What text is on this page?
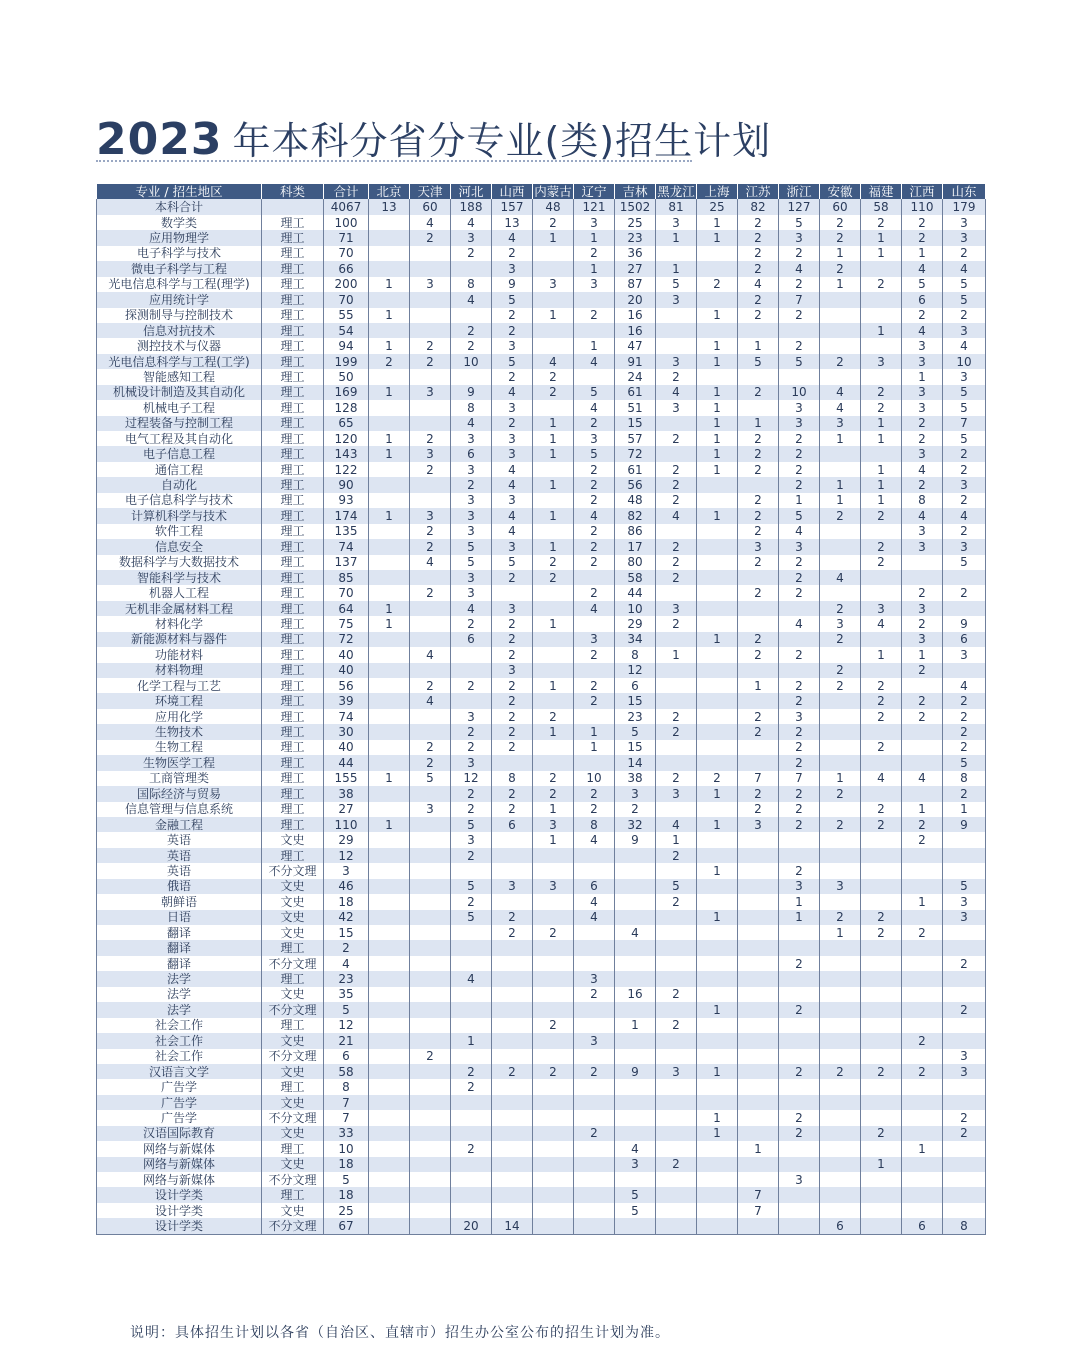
2023 年本科分省分专业(类)招生计划
专业 / 招生地区	科类	合计	北京	天津	河北	山西	内蒙古	辽宁	吉林	黑龙江	上海	江苏	浙江	安徽	福建	江西	山东
本科合计		4067	13	60	188	157	48	121	1502	81	25	82	127	60	58	110	179
数学类	理工	100		4	4	13	2	3	25	3	1	2	5	2	2	2	3
应用物理学	理工	71		2	3	4	1	1	23	1	1	2	3	2	1	2	3
电子科学与技术	理工	70			2	2		2	36			2	2	1	1	1	2
微电子科学与工程	理工	66				3		1	27	1		2	4	2		4	4
光电信息科学与工程(理学)	理工	200	1	3	8	9	3	3	87	5	2	4	2	1	2	5	5
应用统计学	理工	70			4	5			20	3		2	7			6	5
探测制导与控制技术	理工	55	1			2	1	2	16		1	2	2			2	2
信息对抗技术	理工	54			2	2			16						1	4	3
测控技术与仪器	理工	94	1	2	2	3		1	47		1	1	2			3	4
光电信息科学与工程(工学)	理工	199	2	2	10	5	4	4	91	3	1	5	5	2	3	3	10
智能感知工程	理工	50				2	2		24	2						1	3
机械设计制造及其自动化	理工	169	1	3	9	4	2	5	61	4	1	2	10	4	2	3	5
机械电子工程	理工	128			8	3		4	51	3	1		3	4	2	3	5
过程装备与控制工程	理工	65			4	2	1	2	15		1	1	3	3	1	2	7
电气工程及其自动化	理工	120	1	2	3	3	1	3	57	2	1	2	2	1	1	2	5
电子信息工程	理工	143	1	3	6	3	1	5	72		1	2	2			3	2
通信工程	理工	122		2	3	4		2	61	2	1	2	2		1	4	2
自动化	理工	90			2	4	1	2	56	2			2	1	1	2	3
电子信息科学与技术	理工	93			3	3		2	48	2		2	1	1	1	8	2
计算机科学与技术	理工	174	1	3	3	4	1	4	82	4	1	2	5	2	2	4	4
软件工程	理工	135		2	3	4		2	86			2	4			3	2
信息安全	理工	74		2	5	3	1	2	17	2		3	3		2	3	3
数据科学与大数据技术	理工	137		4	5	5	2	2	80	2		2	2		2		5
智能科学与技术	理工	85			3	2	2		58	2			2	4			
机器人工程	理工	70		2	3			2	44			2	2			2	2
无机非金属材料工程	理工	64	1		4	3		4	10	3				2	3	3	
材料化学	理工	75	1		2	2	1		29	2			4	3	4	2	9
新能源材料与器件	理工	72			6	2		3	34		1	2		2		3	6
功能材料	理工	40		4		2		2	8	1		2	2		1	1	3
材料物理	理工	40				3			12					2		2	
化学工程与工艺	理工	56		2	2	2	1	2	6			1	2	2	2		4
环境工程	理工	39		4		2		2	15				2		2	2	2
应用化学	理工	74			3	2	2		23	2		2	3		2	2	2
生物技术	理工	30			2	2	1	1	5	2		2	2				2
生物工程	理工	40		2	2	2		1	15				2		2		2
生物医学工程	理工	44		2	3				14				2				5
工商管理类	理工	155	1	5	12	8	2	10	38	2	2	7	7	1	4	4	8
国际经济与贸易	理工	38			2	2	2	2	3	3	1	2	2	2			2
信息管理与信息系统	理工	27		3	2	2	1	2	2			2	2		2	1	1
金融工程	理工	110	1		5	6	3	8	32	4	1	3	2	2	2	2	9
英语	文史	29			3		1	4	9	1						2	
英语	理工	12			2					2							
英语	不分文理	3									1		2				
俄语	文史	46			5	3	3	6		5			3	3			5
朝鲜语	文史	18			2			4		2			1			1	3
日语	文史	42			5	2		4			1		1	2	2		3
翻译	文史	15				2	2		4					1	2	2	
翻译	理工	2															
翻译	不分文理	4											2				2
法学	理工	23			4			3									
法学	文史	35						2	16	2							
法学	不分文理	5									1		2				2
社会工作	理工	12					2		1	2							
社会工作	文史	21			1			3								2	
社会工作	不分文理	6		2													3
汉语言文学	文史	58			2	2	2	2	9	3	1		2	2	2	2	3
广告学	理工	8			2												
广告学	文史	7															
广告学	不分文理	7									1		2				2
汉语国际教育	文史	33						2			1		2		2		2
网络与新媒体	理工	10			2				4			1				1	
网络与新媒体	文史	18							3	2					1		
网络与新媒体	不分文理	5											3				
设计学类	理工	18							5			7					
设计学类	文史	25							5			7					
设计学类	不分文理	67			20	14								6		6	8
说明：具体招生计划以各省（自治区、直辖市）招生办公室公布的招生计划为准。
